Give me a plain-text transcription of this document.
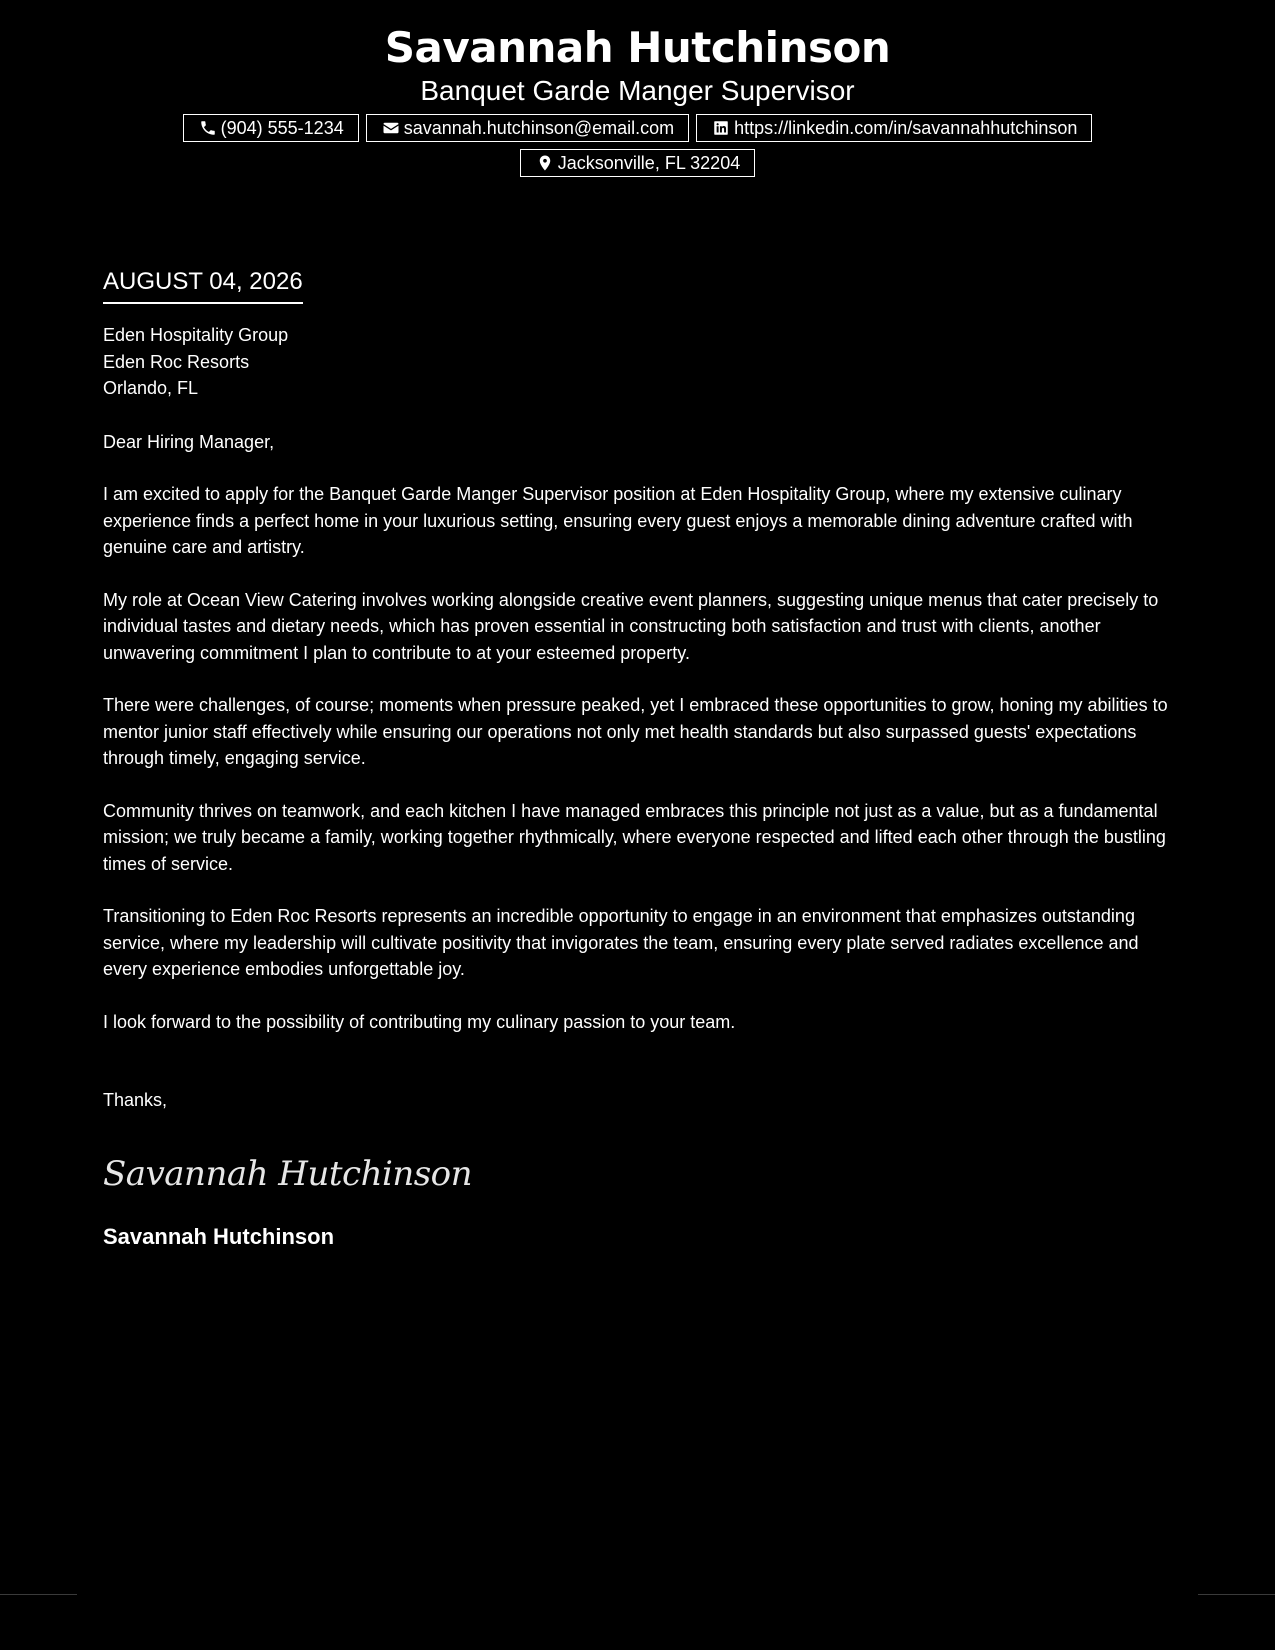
Savannah Hutchinson
Banquet Garde Manger Supervisor
(904) 555-1234	savannah.hutchinson@email.com	https://linkedin.com/in/savannahhutchinson
Jacksonville, FL 32204
AUGUST 04, 2026
Eden Hospitality Group
Eden Roc Resorts
Orlando, FL
Dear Hiring Manager,

I am excited to apply for the Banquet Garde Manger Supervisor position at Eden Hospitality Group, where my extensive culinary experience finds a perfect home in your luxurious setting, ensuring every guest enjoys a memorable dining adventure crafted with genuine care and artistry.

My role at Ocean View Catering involves working alongside creative event planners, suggesting unique menus that cater precisely to individual tastes and dietary needs, which has proven essential in constructing both satisfaction and trust with clients, another unwavering commitment I plan to contribute to at your esteemed property.

There were challenges, of course; moments when pressure peaked, yet I embraced these opportunities to grow, honing my abilities to mentor junior staff effectively while ensuring our operations not only met health standards but also surpassed guests' expectations through timely, engaging service.

Community thrives on teamwork, and each kitchen I have managed embraces this principle not just as a value, but as a fundamental mission; we truly became a family, working together rhythmically, where everyone respected and lifted each other through the bustling times of service.

Transitioning to Eden Roc Resorts represents an incredible opportunity to engage in an environment that emphasizes outstanding service, where my leadership will cultivate positivity that invigorates the team, ensuring every plate served radiates excellence and every experience embodies unforgettable joy.

I look forward to the possibility of contributing my culinary passion to your team.

Thanks,
Savannah Hutchinson
Savannah Hutchinson
